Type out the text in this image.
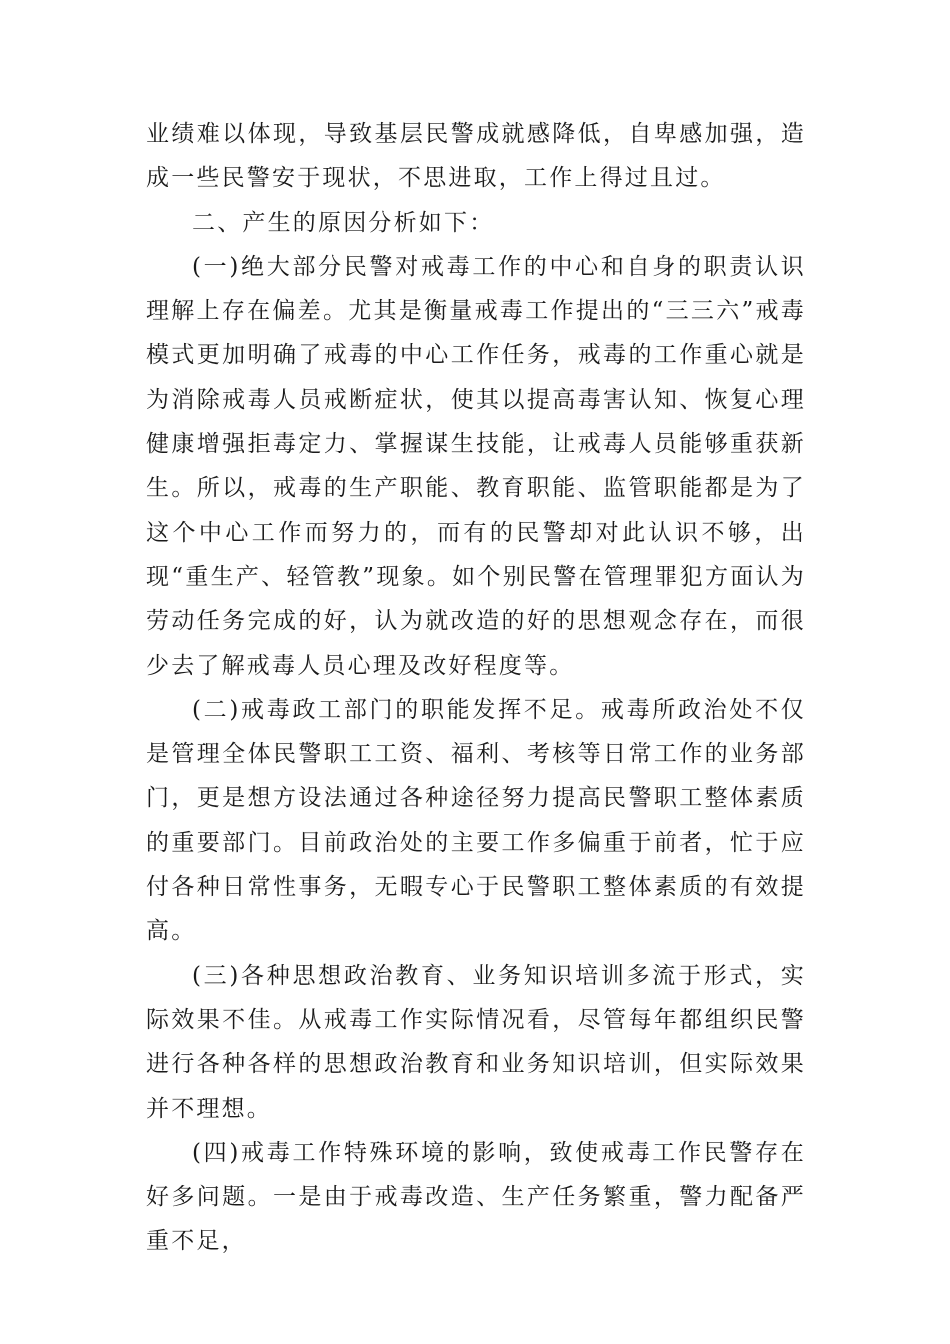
业绩难以体现，导致基层民警成就感降低，自卑感加强，造成一些民警安于现状，不思进取，工作上得过且过。

二、产生的原因分析如下：

(一)绝大部分民警对戒毒工作的中心和自身的职责认识理解上存在偏差。尤其是衡量戒毒工作提出的“三三六”戒毒模式更加明确了戒毒的中心工作任务，戒毒的工作重心就是为消除戒毒人员戒断症状，使其以提高毒害认知、恢复心理健康增强拒毒定力、掌握谋生技能，让戒毒人员能够重获新生。所以，戒毒的生产职能、教育职能、监管职能都是为了这个中心工作而努力的，而有的民警却对此认识不够，出现“重生产、轻管教”现象。如个别民警在管理罪犯方面认为劳动任务完成的好，认为就改造的好的思想观念存在，而很少去了解戒毒人员心理及改好程度等。

(二)戒毒政工部门的职能发挥不足。戒毒所政治处不仅是管理全体民警职工工资、福利、考核等日常工作的业务部门，更是想方设法通过各种途径努力提高民警职工整体素质的重要部门。目前政治处的主要工作多偏重于前者，忙于应付各种日常性事务，无暇专心于民警职工整体素质的有效提高。

(三)各种思想政治教育、业务知识培训多流于形式，实际效果不佳。从戒毒工作实际情况看，尽管每年都组织民警进行各种各样的思想政治教育和业务知识培训，但实际效果并不理想。

(四)戒毒工作特殊环境的影响，致使戒毒工作民警存在好多问题。一是由于戒毒改造、生产任务繁重，警力配备严重不足，
